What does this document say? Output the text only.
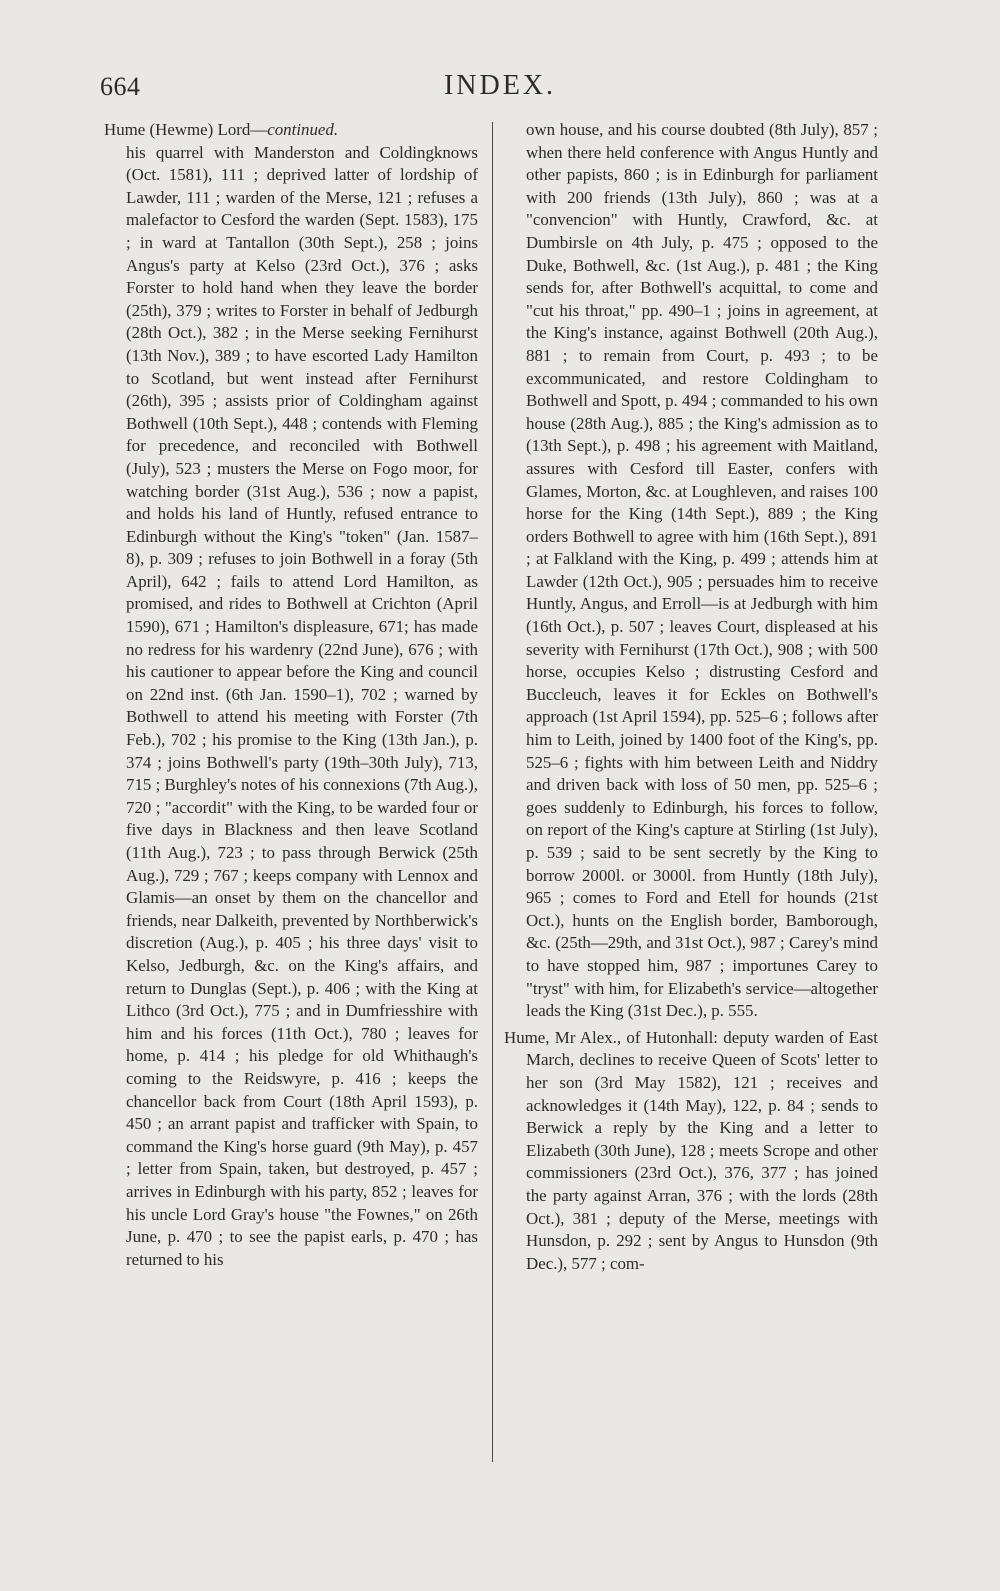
664	INDEX.

Hume (Hewme) Lord—continued.

his quarrel with Manderston and Coldingknows (Oct. 1581), 111 ; deprived latter of lordship of Lawder, 111 ; warden of the Merse, 121 ; refuses a malefactor to Cesford the warden (Sept. 1583), 175 ; in ward at Tantallon (30th Sept.), 258 ; joins Angus's party at Kelso (23rd Oct.), 376 ; asks Forster to hold hand when they leave the border (25th), 379 ; writes to Forster in behalf of Jedburgh (28th Oct.), 382 ; in the Merse seeking Fernihurst (13th Nov.), 389 ; to have escorted Lady Hamilton to Scotland, but went instead after Fernihurst (26th), 395 ; assists prior of Coldingham against Bothwell (10th Sept.), 448 ; contends with Fleming for precedence, and reconciled with Bothwell (July), 523 ; musters the Merse on Fogo moor, for watching border (31st Aug.), 536 ; now a papist, and holds his land of Huntly, refused entrance to Edinburgh without the King's "token" (Jan. 1587–8), p. 309 ; refuses to join Bothwell in a foray (5th April), 642 ; fails to attend Lord Hamilton, as promised, and rides to Bothwell at Crichton (April 1590), 671 ; Hamilton's displeasure, 671; has made no redress for his wardenry (22nd June), 676 ; with his cautioner to appear before the King and council on 22nd inst. (6th Jan. 1590–1), 702 ; warned by Bothwell to attend his meeting with Forster (7th Feb.), 702 ; his promise to the King (13th Jan.), p. 374 ; joins Bothwell's party (19th–30th July), 713, 715 ; Burghley's notes of his connexions (7th Aug.), 720 ; "accordit" with the King, to be warded four or five days in Blackness and then leave Scotland (11th Aug.), 723 ; to pass through Berwick (25th Aug.), 729 ; 767 ; keeps company with Lennox and Glamis—an onset by them on the chancellor and friends, near Dalkeith, prevented by Northberwick's discretion (Aug.), p. 405 ; his three days' visit to Kelso, Jedburgh, &c. on the King's affairs, and return to Dunglas (Sept.), p. 406 ; with the King at Lithco (3rd Oct.), 775 ; and in Dumfriesshire with him and his forces (11th Oct.), 780 ; leaves for home, p. 414 ; his pledge for old Whithaugh's coming to the Reidswyre, p. 416 ; keeps the chancellor back from Court (18th April 1593), p. 450 ; an arrant papist and trafficker with Spain, to command the King's horse guard (9th May), p. 457 ; letter from Spain, taken, but destroyed, p. 457 ; arrives in Edinburgh with his party, 852 ; leaves for his uncle Lord Gray's house "the Fownes," on 26th June, p. 470 ; to see the papist earls, p. 470 ; has returned to his

own house, and his course doubted (8th July), 857 ; when there held conference with Angus Huntly and other papists, 860 ; is in Edinburgh for parliament with 200 friends (13th July), 860 ; was at a "convencion" with Huntly, Crawford, &c. at Dumbirsle on 4th July, p. 475 ; opposed to the Duke, Bothwell, &c. (1st Aug.), p. 481 ; the King sends for, after Bothwell's acquittal, to come and "cut his throat," pp. 490–1 ; joins in agreement, at the King's instance, against Bothwell (20th Aug.), 881 ; to remain from Court, p. 493 ; to be excommunicated, and restore Coldingham to Bothwell and Spott, p. 494 ; commanded to his own house (28th Aug.), 885 ; the King's admission as to (13th Sept.), p. 498 ; his agreement with Maitland, assures with Cesford till Easter, confers with Glames, Morton, &c. at Loughleven, and raises 100 horse for the King (14th Sept.), 889 ; the King orders Bothwell to agree with him (16th Sept.), 891 ; at Falkland with the King, p. 499 ; attends him at Lawder (12th Oct.), 905 ; persuades him to receive Huntly, Angus, and Erroll—is at Jedburgh with him (16th Oct.), p. 507 ; leaves Court, displeased at his severity with Fernihurst (17th Oct.), 908 ; with 500 horse, occupies Kelso ; distrusting Cesford and Buccleuch, leaves it for Eckles on Bothwell's approach (1st April 1594), pp. 525–6 ; follows after him to Leith, joined by 1400 foot of the King's, pp. 525–6 ; fights with him between Leith and Niddry and driven back with loss of 50 men, pp. 525–6 ; goes suddenly to Edinburgh, his forces to follow, on report of the King's capture at Stirling (1st July), p. 539 ; said to be sent secretly by the King to borrow 2000l. or 3000l. from Huntly (18th July), 965 ; comes to Ford and Etell for hounds (21st Oct.), hunts on the English border, Bamborough, &c. (25th—29th, and 31st Oct.), 987 ; Carey's mind to have stopped him, 987 ; importunes Carey to "tryst" with him, for Elizabeth's service—altogether leads the King (31st Dec.), p. 555.

Hume, Mr Alex., of Hutonhall: deputy warden of East March, declines to receive Queen of Scots' letter to her son (3rd May 1582), 121 ; receives and acknowledges it (14th May), 122, p. 84 ; sends to Berwick a reply by the King and a letter to Elizabeth (30th June), 128 ; meets Scrope and other commissioners (23rd Oct.), 376, 377 ; has joined the party against Arran, 376 ; with the lords (28th Oct.), 381 ; deputy of the Merse, meetings with Hunsdon, p. 292 ; sent by Angus to Hunsdon (9th Dec.), 577 ; com-
